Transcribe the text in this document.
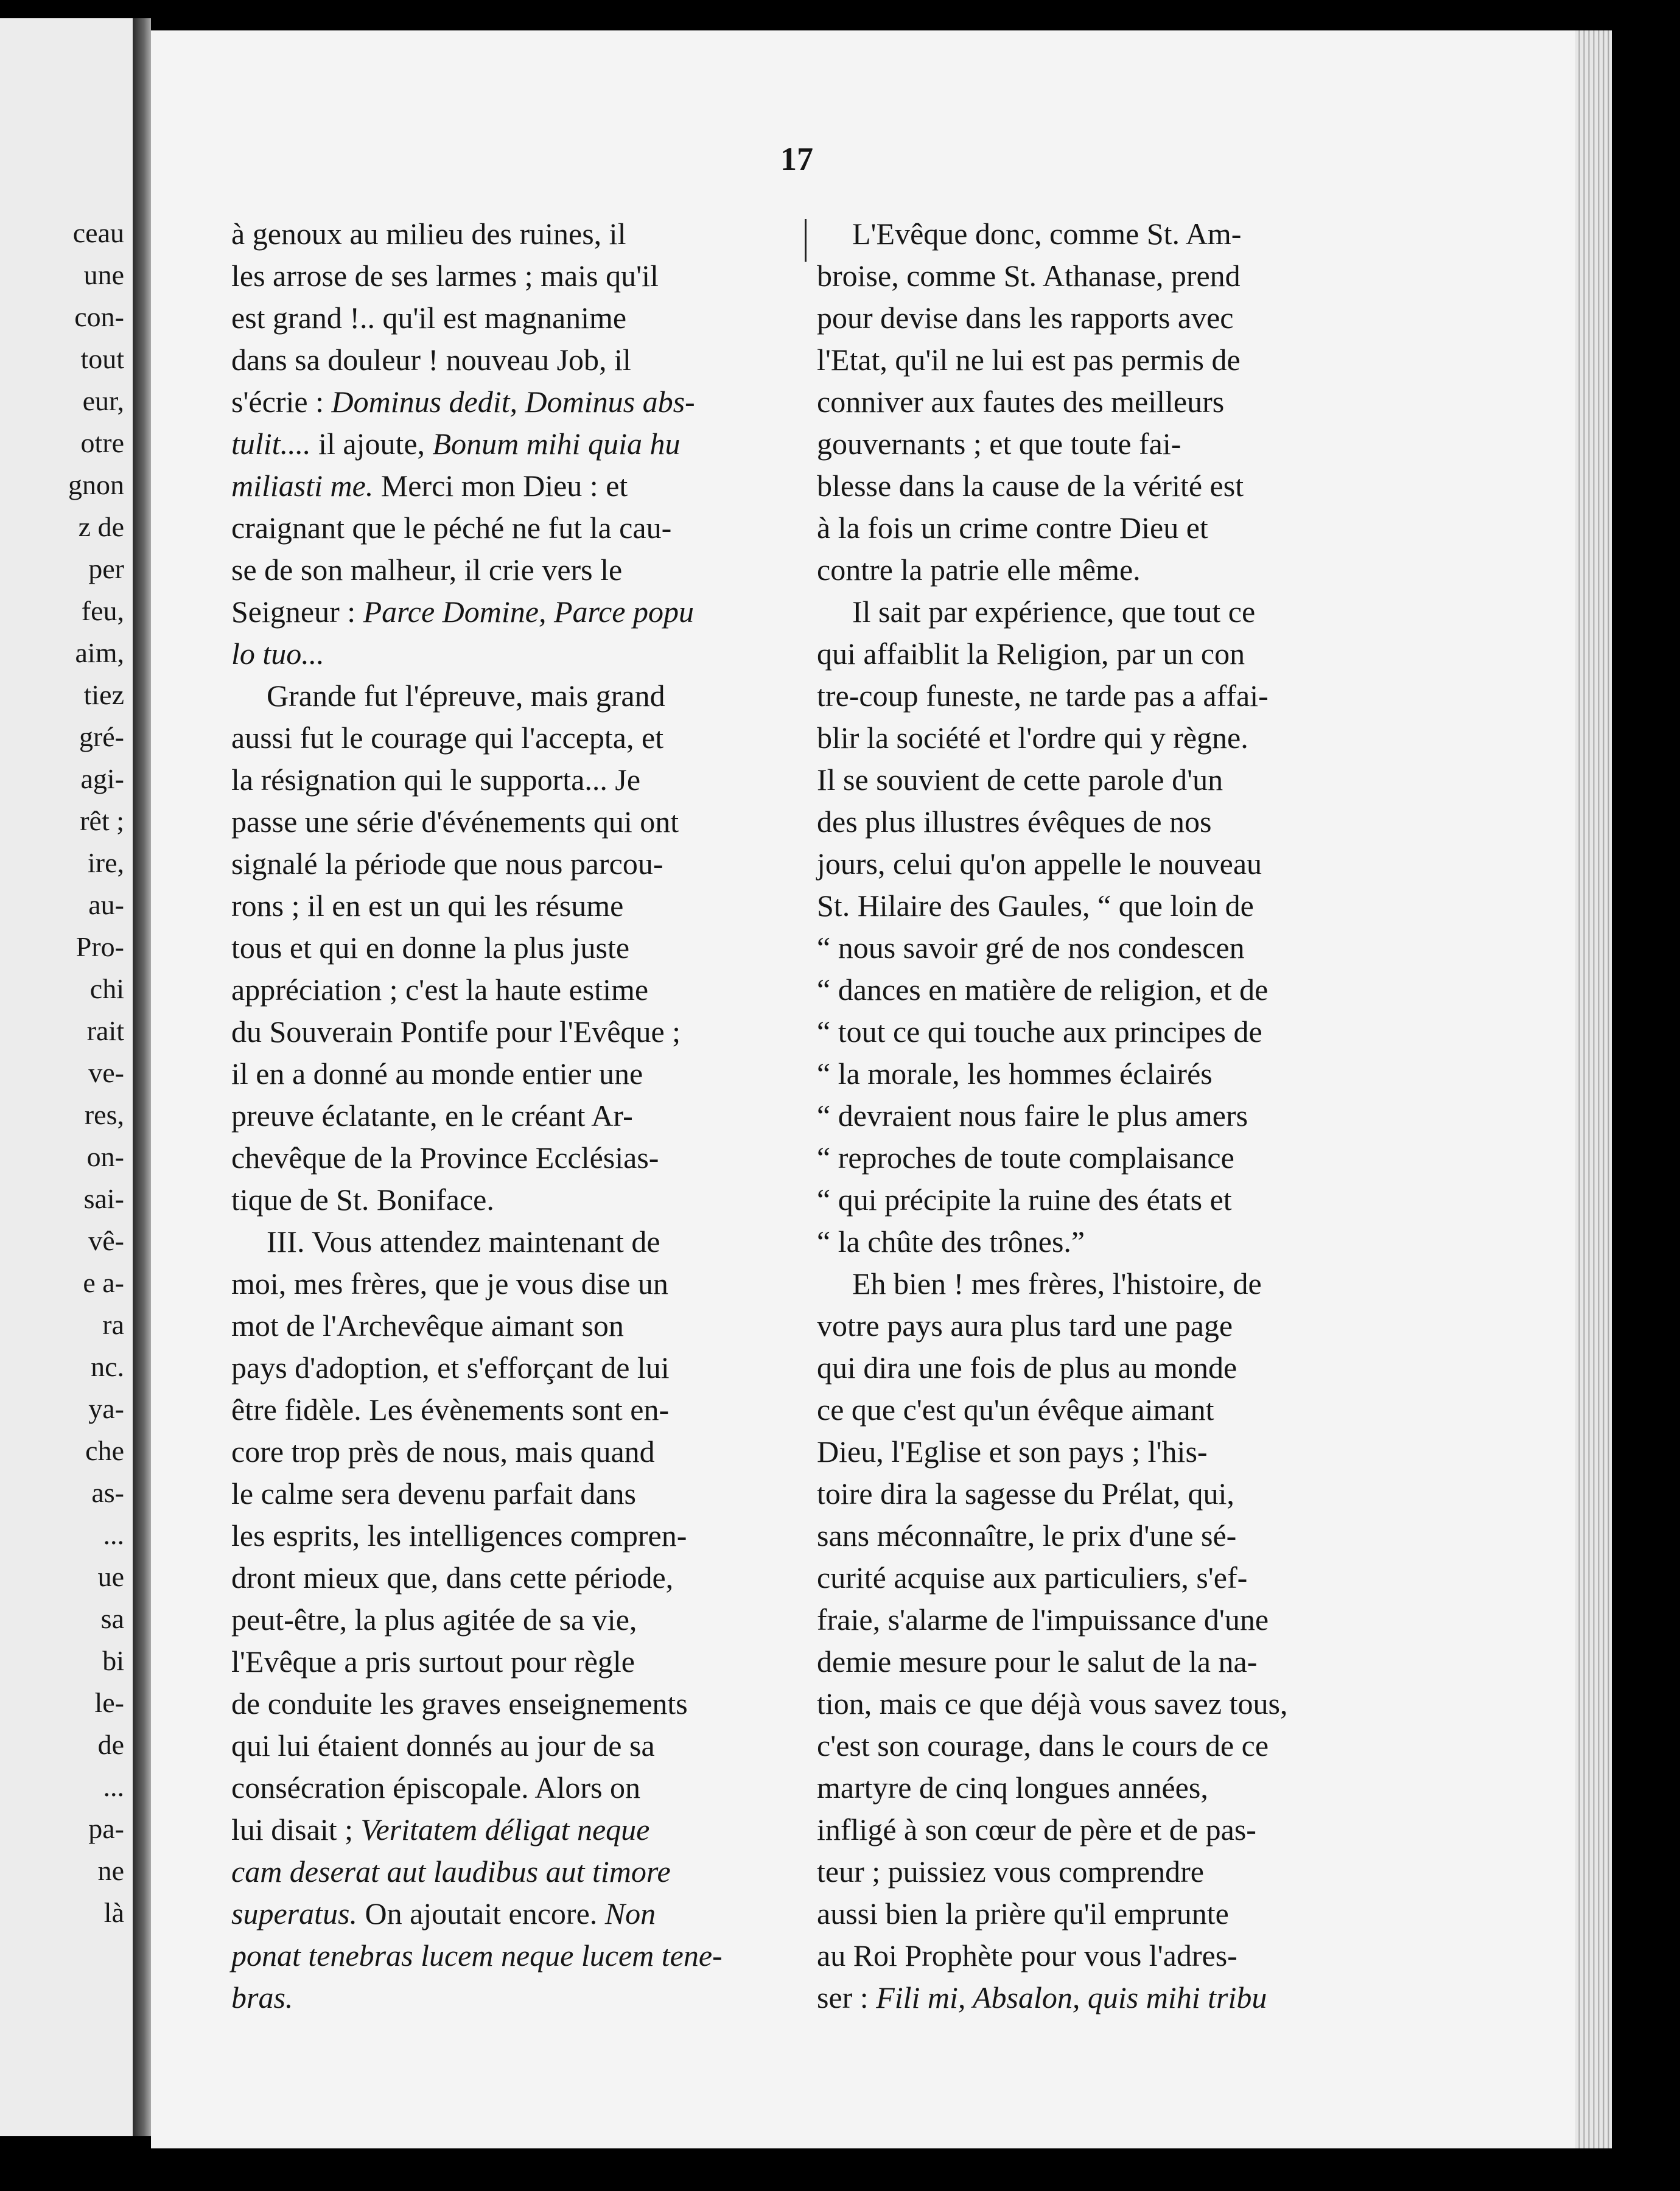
ceau
une
con-
tout
eur,
otre
gnon
z de
per
feu,
aim,
tiez
gré-
agi-
rêt ;
ire,
au-
Pro-
chi
rait
ve-
res,
on-
sai-
vê-
e a-
ra
nc.
ya-
che
as-
...
ue
sa
bi
le-
de
...
pa-
ne
là
17
à genoux au milieu des ruines, il
les arrose de ses larmes ; mais qu'il
est grand !.. qu'il est magnanime
dans sa douleur ! nouveau Job, il
s'écrie : Dominus dedit, Dominus abs-
tulit.... il ajoute, Bonum mihi quia hu
miliasti me. Merci mon Dieu : et
craignant que le péché ne fut la cau-
se de son malheur, il crie vers le
Seigneur : Parce Domine, Parce popu
lo tuo...
Grande fut l'épreuve, mais grand
aussi fut le courage qui l'accepta, et
la résignation qui le supporta... Je
passe une série d'événements qui ont
signalé la période que nous parcou-
rons ; il en est un qui les résume
tous et qui en donne la plus juste
appréciation ; c'est la haute estime
du Souverain Pontife pour l'Evêque ;
il en a donné au monde entier une
preuve éclatante, en le créant Ar-
chevêque de la Province Ecclésias-
tique de St. Boniface.
III. Vous attendez maintenant de
moi, mes frères, que je vous dise un
mot de l'Archevêque aimant son
pays d'adoption, et s'efforçant de lui
être fidèle. Les évènements sont en-
core trop près de nous, mais quand
le calme sera devenu parfait dans
les esprits, les intelligences compren-
dront mieux que, dans cette période,
peut-être, la plus agitée de sa vie,
l'Evêque a pris surtout pour règle
de conduite les graves enseignements
qui lui étaient donnés au jour de sa
consécration épiscopale. Alors on
lui disait ; Veritatem déligat neque
cam deserat aut laudibus aut timore
superatus. On ajoutait encore. Non
ponat tenebras lucem neque lucem tene-
bras.
L'Evêque donc, comme St. Am-
broise, comme St. Athanase, prend
pour devise dans les rapports avec
l'Etat, qu'il ne lui est pas permis de
conniver aux fautes des meilleurs
gouvernants ; et que toute fai-
blesse dans la cause de la vérité est
à la fois un crime contre Dieu et
contre la patrie elle même.
Il sait par expérience, que tout ce
qui affaiblit la Religion, par un con
tre-coup funeste, ne tarde pas a affai-
blir la société et l'ordre qui y règne.
Il se souvient de cette parole d'un
des plus illustres évêques de nos
jours, celui qu'on appelle le nouveau
St. Hilaire des Gaules, “ que loin de
“ nous savoir gré de nos condescen
“ dances en matière de religion, et de
“ tout ce qui touche aux principes de
“ la morale, les hommes éclairés
“ devraient nous faire le plus amers
“ reproches de toute complaisance
“ qui précipite la ruine des états et
“ la chûte des trônes.”
Eh bien ! mes frères, l'histoire, de
votre pays aura plus tard une page
qui dira une fois de plus au monde
ce que c'est qu'un évêque aimant
Dieu, l'Eglise et son pays ; l'his-
toire dira la sagesse du Prélat, qui,
sans méconnaître, le prix d'une sé-
curité acquise aux particuliers, s'ef-
fraie, s'alarme de l'impuissance d'une
demie mesure pour le salut de la na-
tion, mais ce que déjà vous savez tous,
c'est son courage, dans le cours de ce
martyre de cinq longues années,
infligé à son cœur de père et de pas-
teur ; puissiez vous comprendre
aussi bien la prière qu'il emprunte
au Roi Prophète pour vous l'adres-
ser : Fili mi, Absalon, quis mihi tribu
